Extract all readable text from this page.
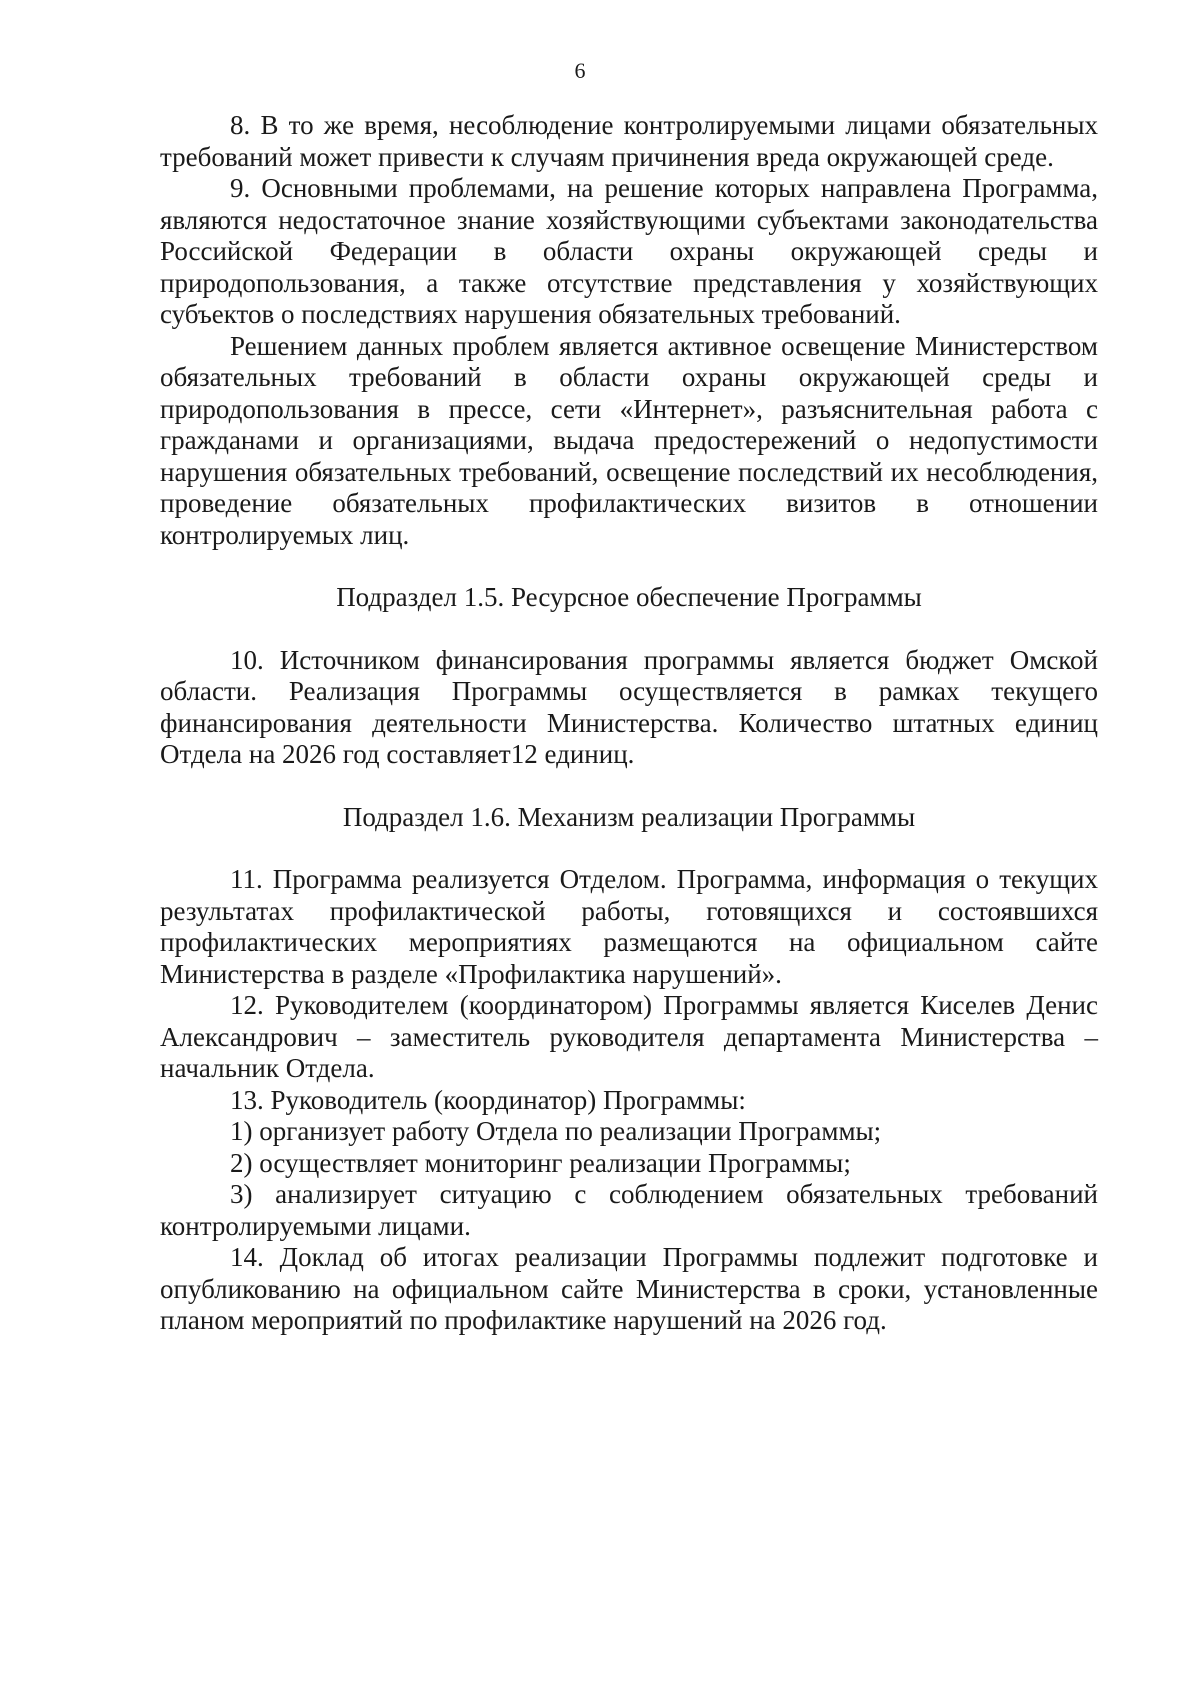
6

8. В то же время, несоблюдение контролируемыми лицами обязательных требований может привести к случаям причинения вреда окружающей среде.

9. Основными проблемами, на решение которых направлена Программа, являются недостаточное знание хозяйствующими субъектами законодательства Российской Федерации в области охраны окружающей среды и природопользования, а также отсутствие представления у хозяйствующих субъектов о последствиях нарушения обязательных требований.

Решением данных проблем является активное освещение Министерством обязательных требований в области охраны окружающей среды и природопользования в прессе, сети «Интернет», разъяснительная работа с гражданами и организациями, выдача предостережений о недопустимости нарушения обязательных требований, освещение последствий их несоблюдения, проведение обязательных профилактических визитов в отношении контролируемых лиц.

Подраздел 1.5. Ресурсное обеспечение Программы

10. Источником финансирования программы является бюджет Омской области. Реализация Программы осуществляется в рамках текущего финансирования деятельности Министерства. Количество штатных единиц Отдела на 2026 год составляет12 единиц.

Подраздел 1.6. Механизм реализации Программы

11. Программа реализуется Отделом. Программа, информация о текущих результатах профилактической работы, готовящихся и состоявшихся профилактических мероприятиях размещаются на официальном сайте Министерства в разделе «Профилактика нарушений».

12. Руководителем (координатором) Программы является Киселев Денис Александрович – заместитель руководителя департамента Министерства – начальник Отдела.

13. Руководитель (координатор) Программы:

1) организует работу Отдела по реализации Программы;

2) осуществляет мониторинг реализации Программы;

3) анализирует ситуацию с соблюдением обязательных требований контролируемыми лицами.

14. Доклад об итогах реализации Программы подлежит подготовке и опубликованию на официальном сайте Министерства в сроки, установленные планом мероприятий по профилактике нарушений на 2026 год.
